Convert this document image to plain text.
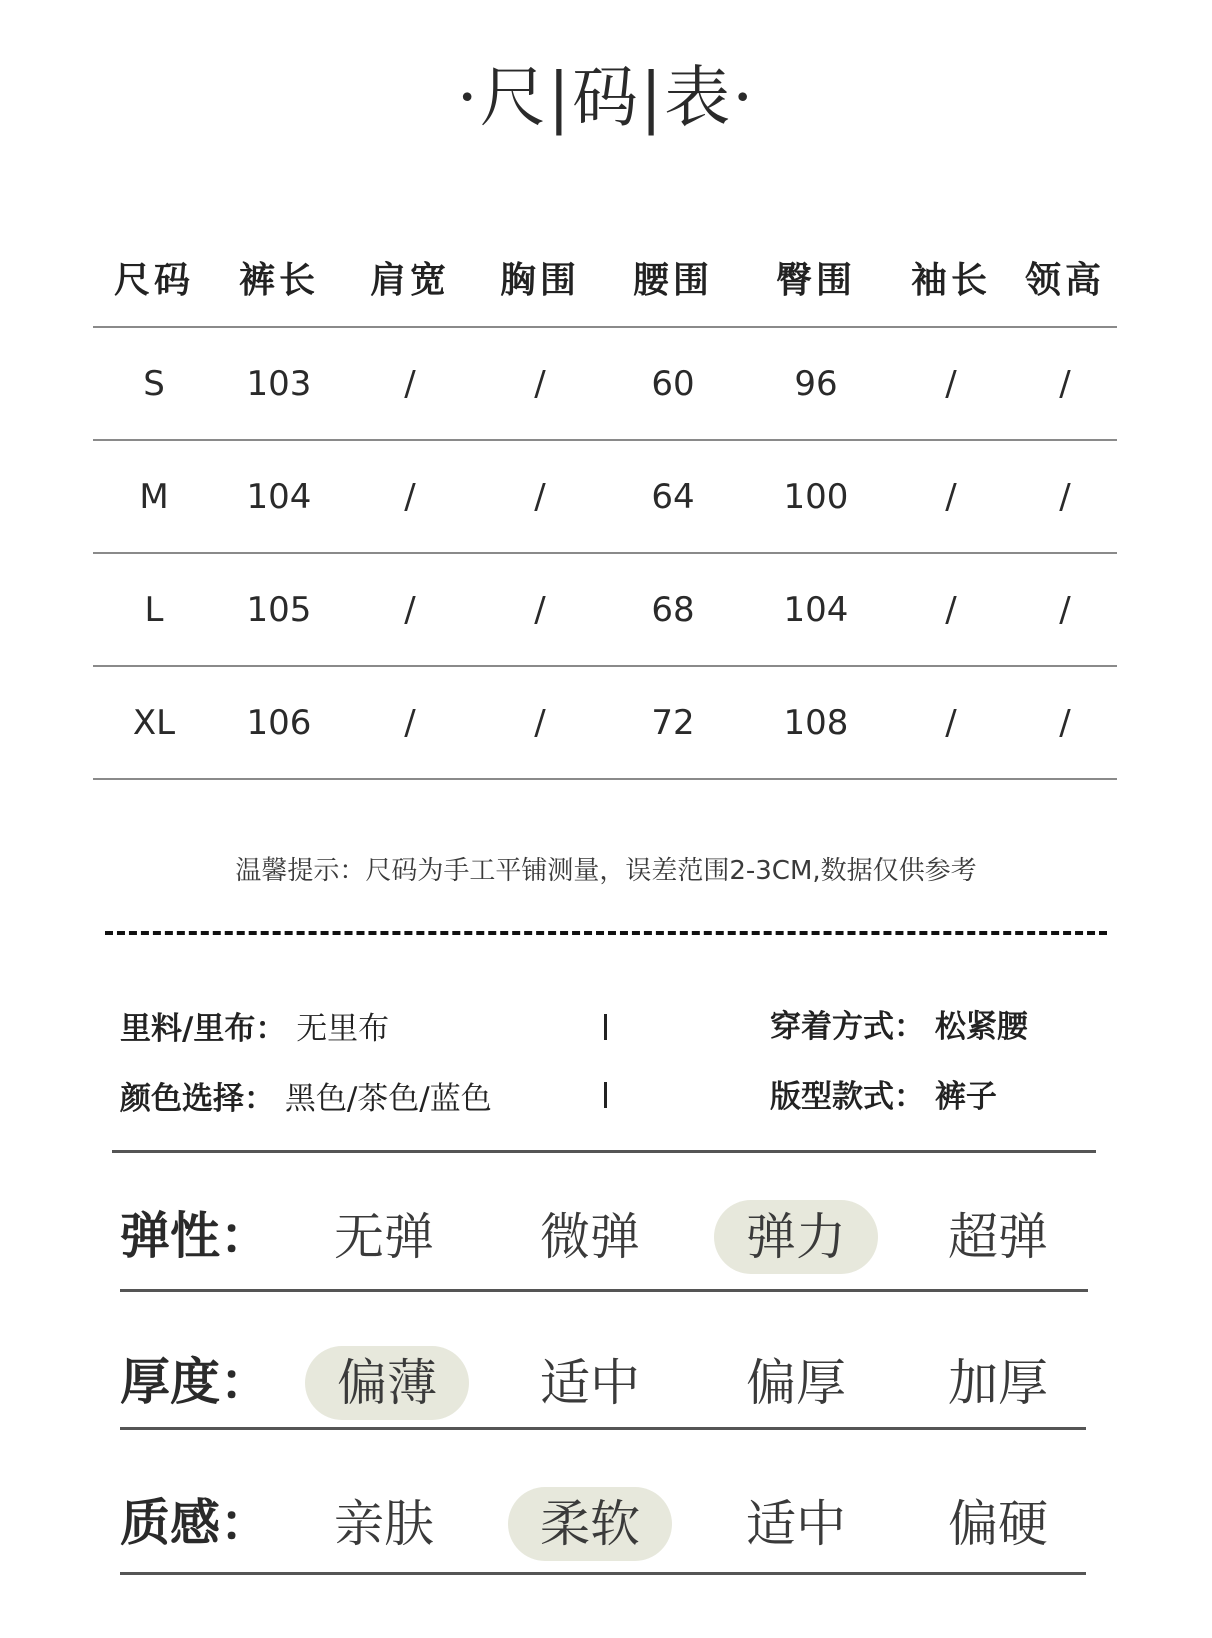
·尺|码|表·
尺码	裤长	肩宽	胸围	腰围	臀围	袖长 领高
S	103	/	/	60	96	/	/
M	104	/	/	64	100	/	/
L	105	/	/	68	104	/	/
XL	106	/	/	72	108	/	/
温馨提示：尺码为手工平铺测量，误差范围2-3CM,数据仅供参考
里料/里布： 无里布	穿着方式： 松紧腰
颜色选择： 黑色/茶色/蓝色	版型款式： 裤子
弹性：	无弹	微弹	弹力	超弹
厚度：	偏薄	适中	偏厚	加厚
质感：	亲肤	柔软	适中	偏硬
